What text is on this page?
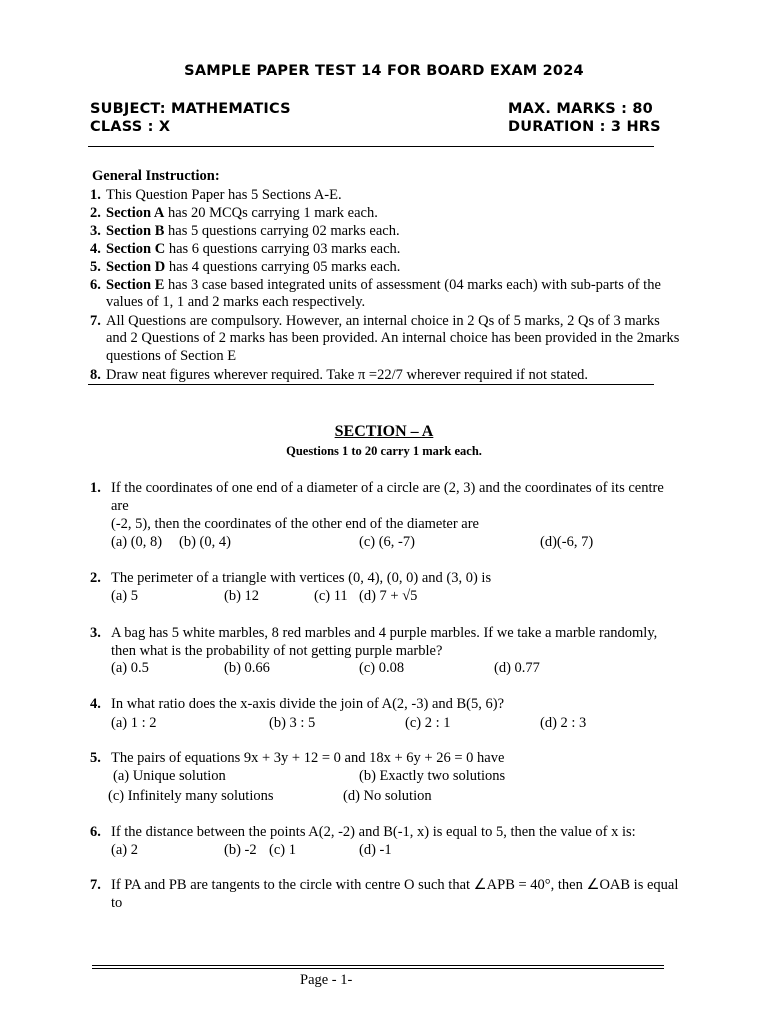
SAMPLE PAPER TEST 14 FOR BOARD EXAM 2024
SUBJECT: MATHEMATICS
CLASS : X
MAX. MARKS : 80
DURATION : 3 HRS
General Instruction:
1. This Question Paper has 5 Sections A-E.
2. Section A has 20 MCQs carrying 1 mark each.
3. Section B has 5 questions carrying 02 marks each.
4. Section C has 6 questions carrying 03 marks each.
5. Section D has 4 questions carrying 05 marks each.
6. Section E has 3 case based integrated units of assessment (04 marks each) with sub-parts of the
values of 1, 1 and 2 marks each respectively.
7. All Questions are compulsory. However, an internal choice in 2 Qs of 5 marks, 2 Qs of 3 marks
and 2 Questions of 2 marks has been provided. An internal choice has been provided in the 2marks
questions of Section E
8. Draw neat figures wherever required. Take π =22/7 wherever required if not stated.
SECTION – A
Questions 1 to 20 carry 1 mark each.
1. If the coordinates of one end of a diameter of a circle are (2, 3) and the coordinates of its centre
are
(-2, 5), then the coordinates of the other end of the diameter are
(a) (0, 8) (b) (0, 4)	(c) (6, -7)	(d)(-6, 7)
2. The perimeter of a triangle with vertices (0, 4), (0, 0) and (3, 0) is
(a) 5	(b) 12	(c) 11 (d) 7 + √5
3. A bag has 5 white marbles, 8 red marbles and 4 purple marbles. If we take a marble randomly,
then what is the probability of not getting purple marble?
(a) 0.5	(b) 0.66	(c) 0.08	(d) 0.77
4. In what ratio does the x-axis divide the join of A(2, -3) and B(5, 6)?
(a) 1 : 2	(b) 3 : 5	(c) 2 : 1	(d) 2 : 3
5. The pairs of equations 9x + 3y + 12 = 0 and 18x + 6y + 26 = 0 have
(a) Unique solution	(b) Exactly two solutions
(c) Infinitely many solutions	(d) No solution
6. If the distance between the points A(2, -2) and B(-1, x) is equal to 5, then the value of x is:
(a) 2	(b) -2 (c) 1	(d) -1
7. If PA and PB are tangents to the circle with centre O such that ∠APB = 40°, then ∠OAB is equal
to
Page - 1-
